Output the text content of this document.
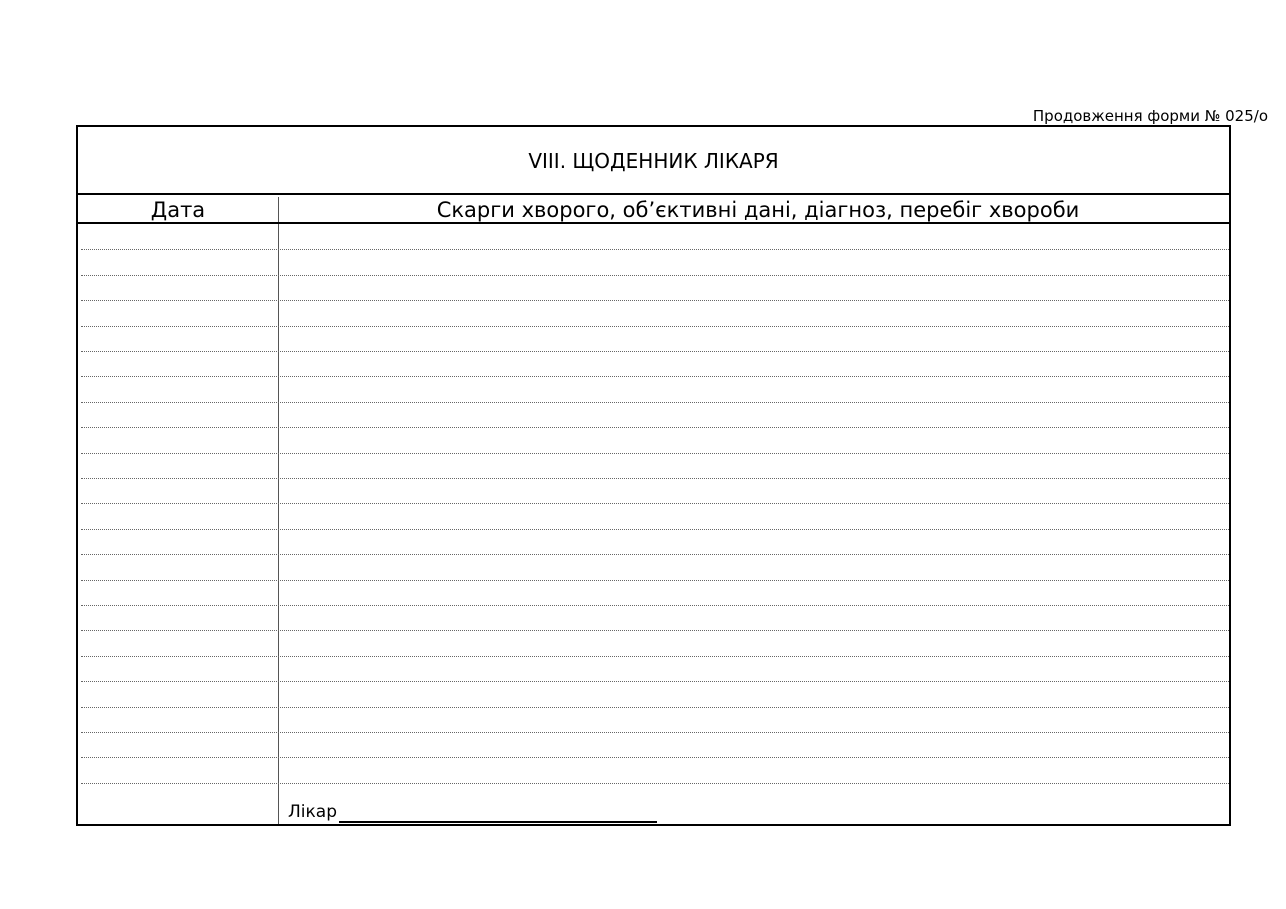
Продовження форми № 025/о
VIII. ЩОДЕННИК ЛІКАРЯ
Дата	Скарги хворого, об’єктивні дані, діагноз, перебіг хвороби
Лікар
